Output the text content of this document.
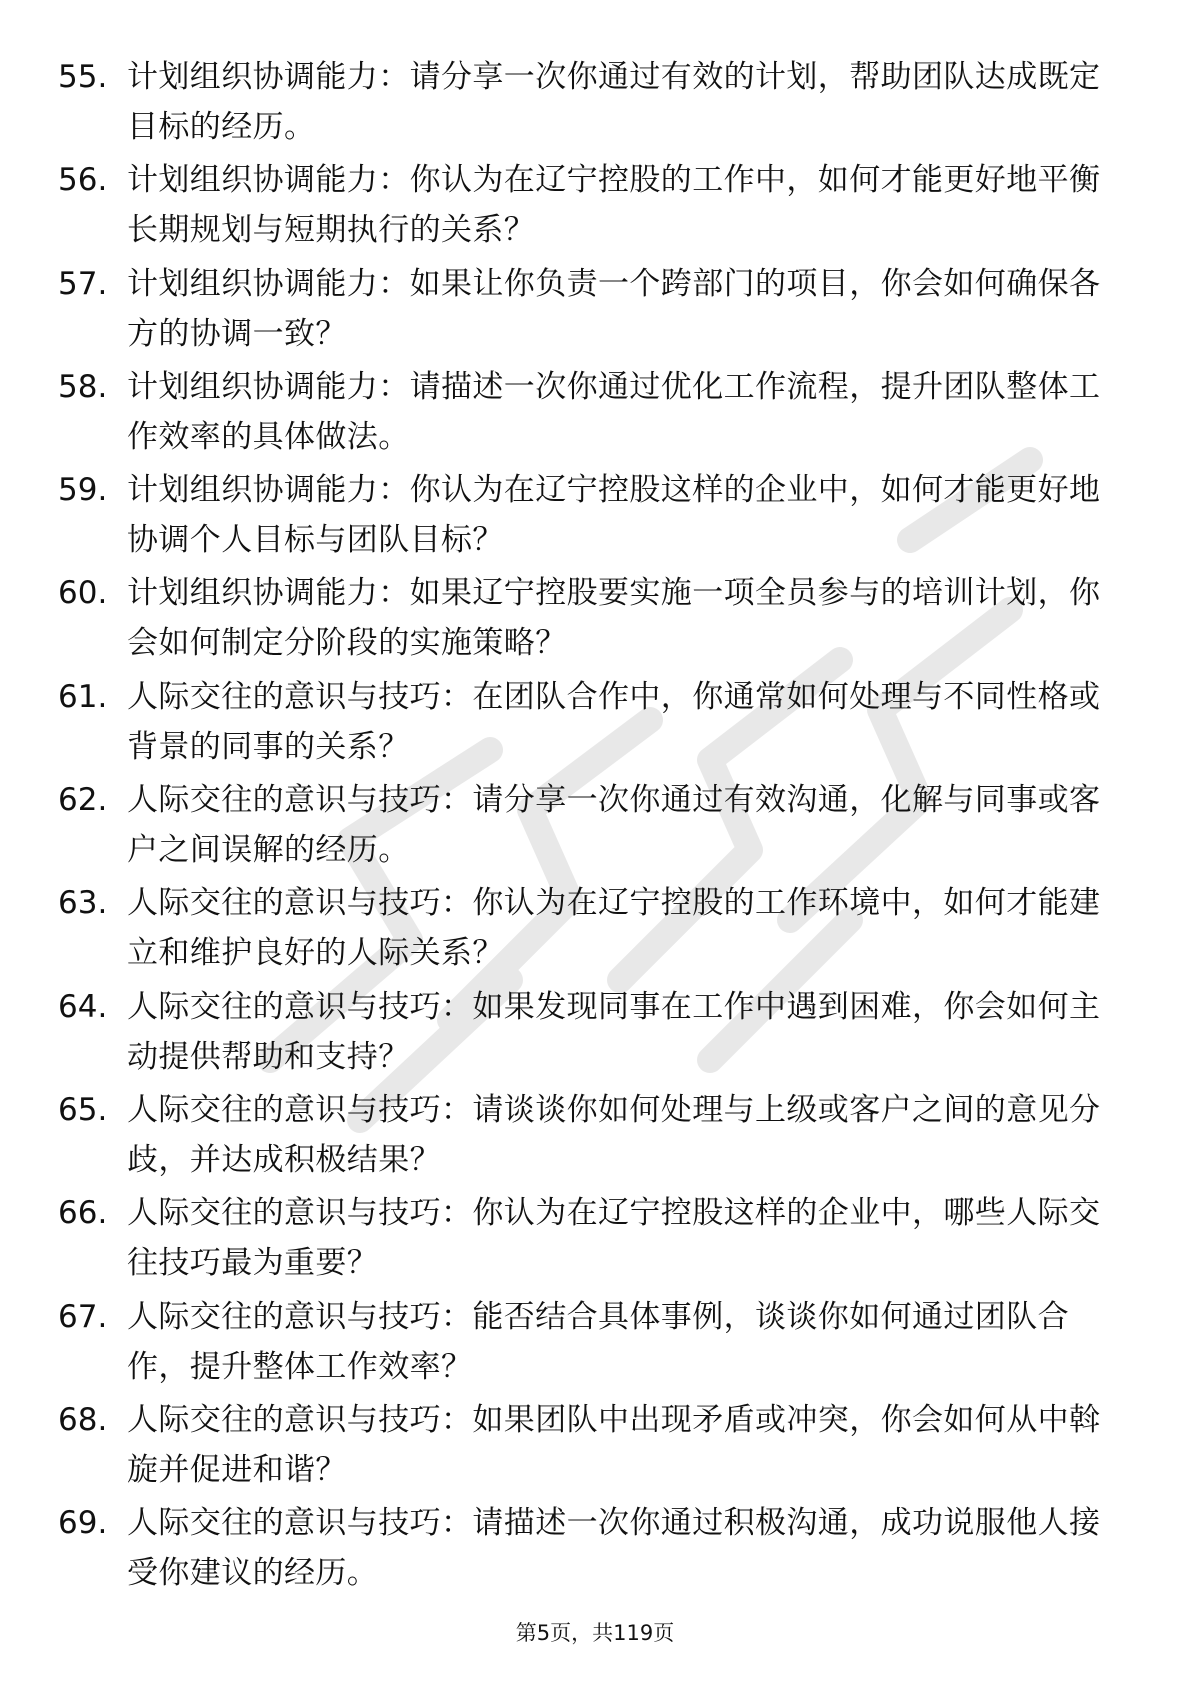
55. 计划组织协调能力：请分享一次你通过有效的计划，帮助团队达成既定目标的经历。
56. 计划组织协调能力：你认为在辽宁控股的工作中，如何才能更好地平衡长期规划与短期执行的关系？
57. 计划组织协调能力：如果让你负责一个跨部门的项目，你会如何确保各方的协调一致？
58. 计划组织协调能力：请描述一次你通过优化工作流程，提升团队整体工作效率的具体做法。
59. 计划组织协调能力：你认为在辽宁控股这样的企业中，如何才能更好地协调个人目标与团队目标？
60. 计划组织协调能力：如果辽宁控股要实施一项全员参与的培训计划，你会如何制定分阶段的实施策略？
61. 人际交往的意识与技巧：在团队合作中，你通常如何处理与不同性格或背景的同事的关系？
62. 人际交往的意识与技巧：请分享一次你通过有效沟通，化解与同事或客户之间误解的经历。
63. 人际交往的意识与技巧：你认为在辽宁控股的工作环境中，如何才能建立和维护良好的人际关系？
64. 人际交往的意识与技巧：如果发现同事在工作中遇到困难，你会如何主动提供帮助和支持？
65. 人际交往的意识与技巧：请谈谈你如何处理与上级或客户之间的意见分歧，并达成积极结果？
66. 人际交往的意识与技巧：你认为在辽宁控股这样的企业中，哪些人际交往技巧最为重要？
67. 人际交往的意识与技巧：能否结合具体事例，谈谈你如何通过团队合作，提升整体工作效率？
68. 人际交往的意识与技巧：如果团队中出现矛盾或冲突，你会如何从中斡旋并促进和谐？
69. 人际交往的意识与技巧：请描述一次你通过积极沟通，成功说服他人接受你建议的经历。
第5页，共119页
